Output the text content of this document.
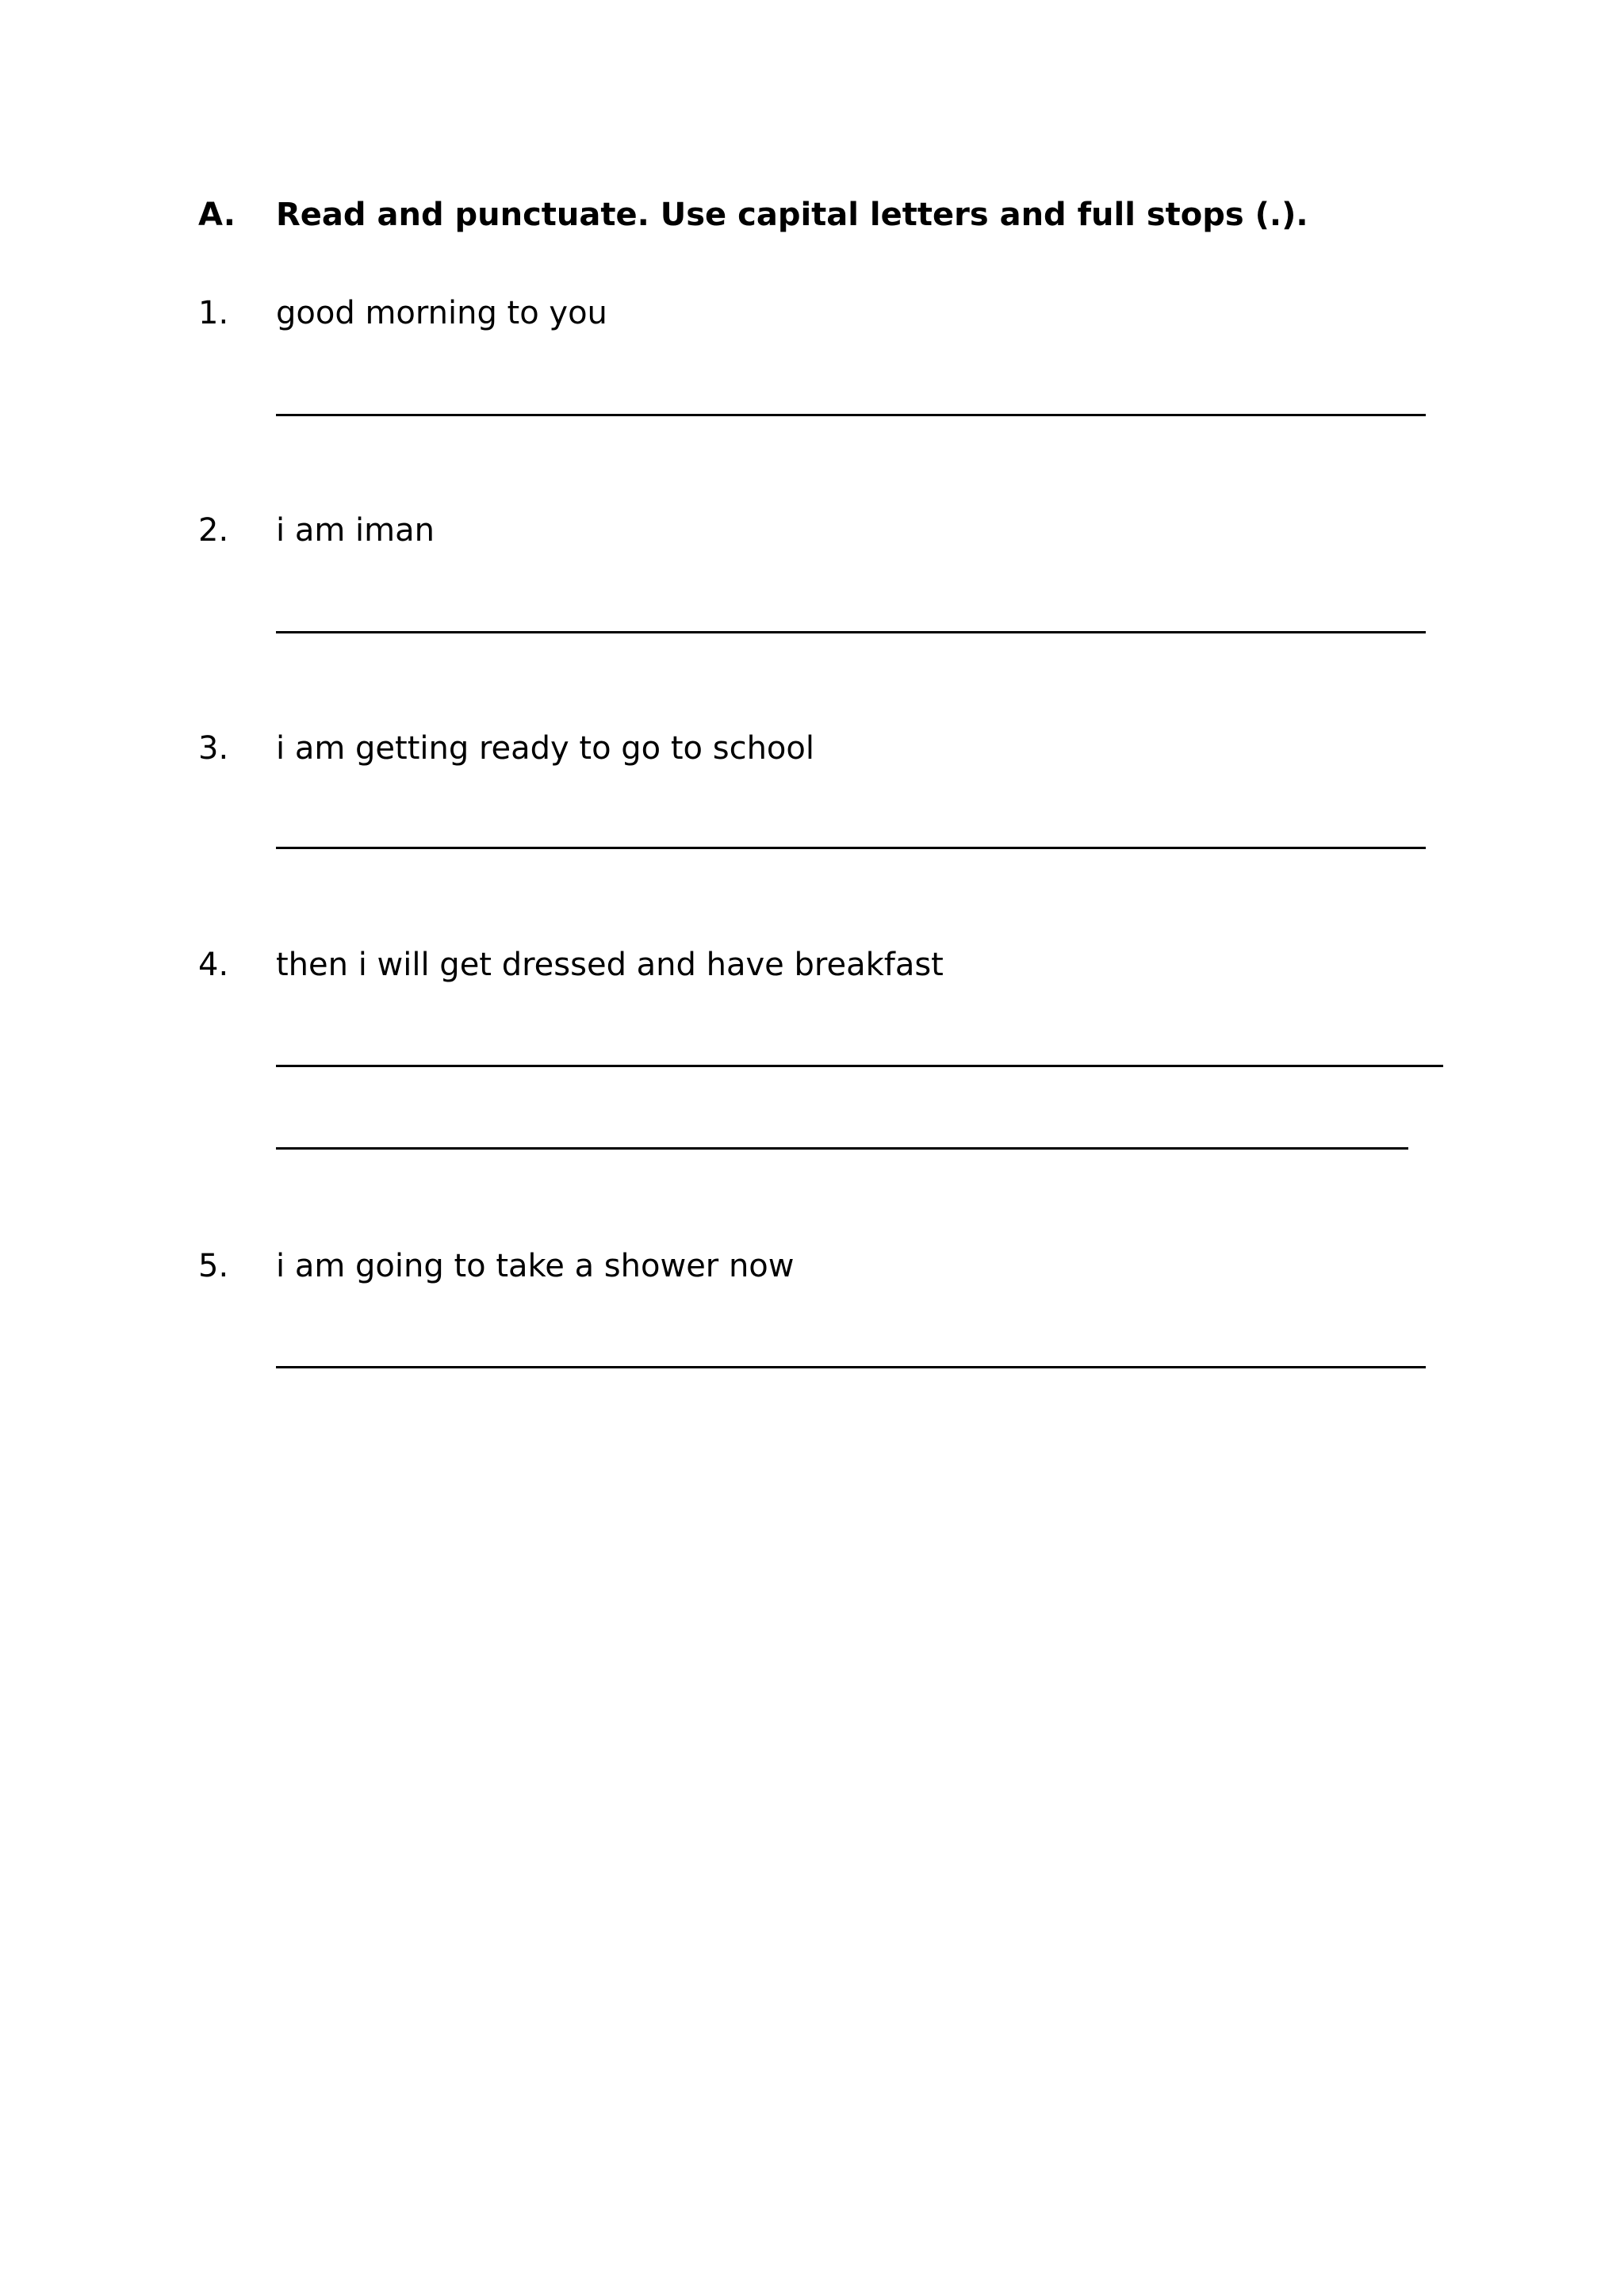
A. Read and punctuate. Use capital letters and full stops (.).
1. good morning to you
2. i am iman
3. i am getting ready to go to school
4. then i will get dressed and have breakfast
5. i am going to take a shower now
